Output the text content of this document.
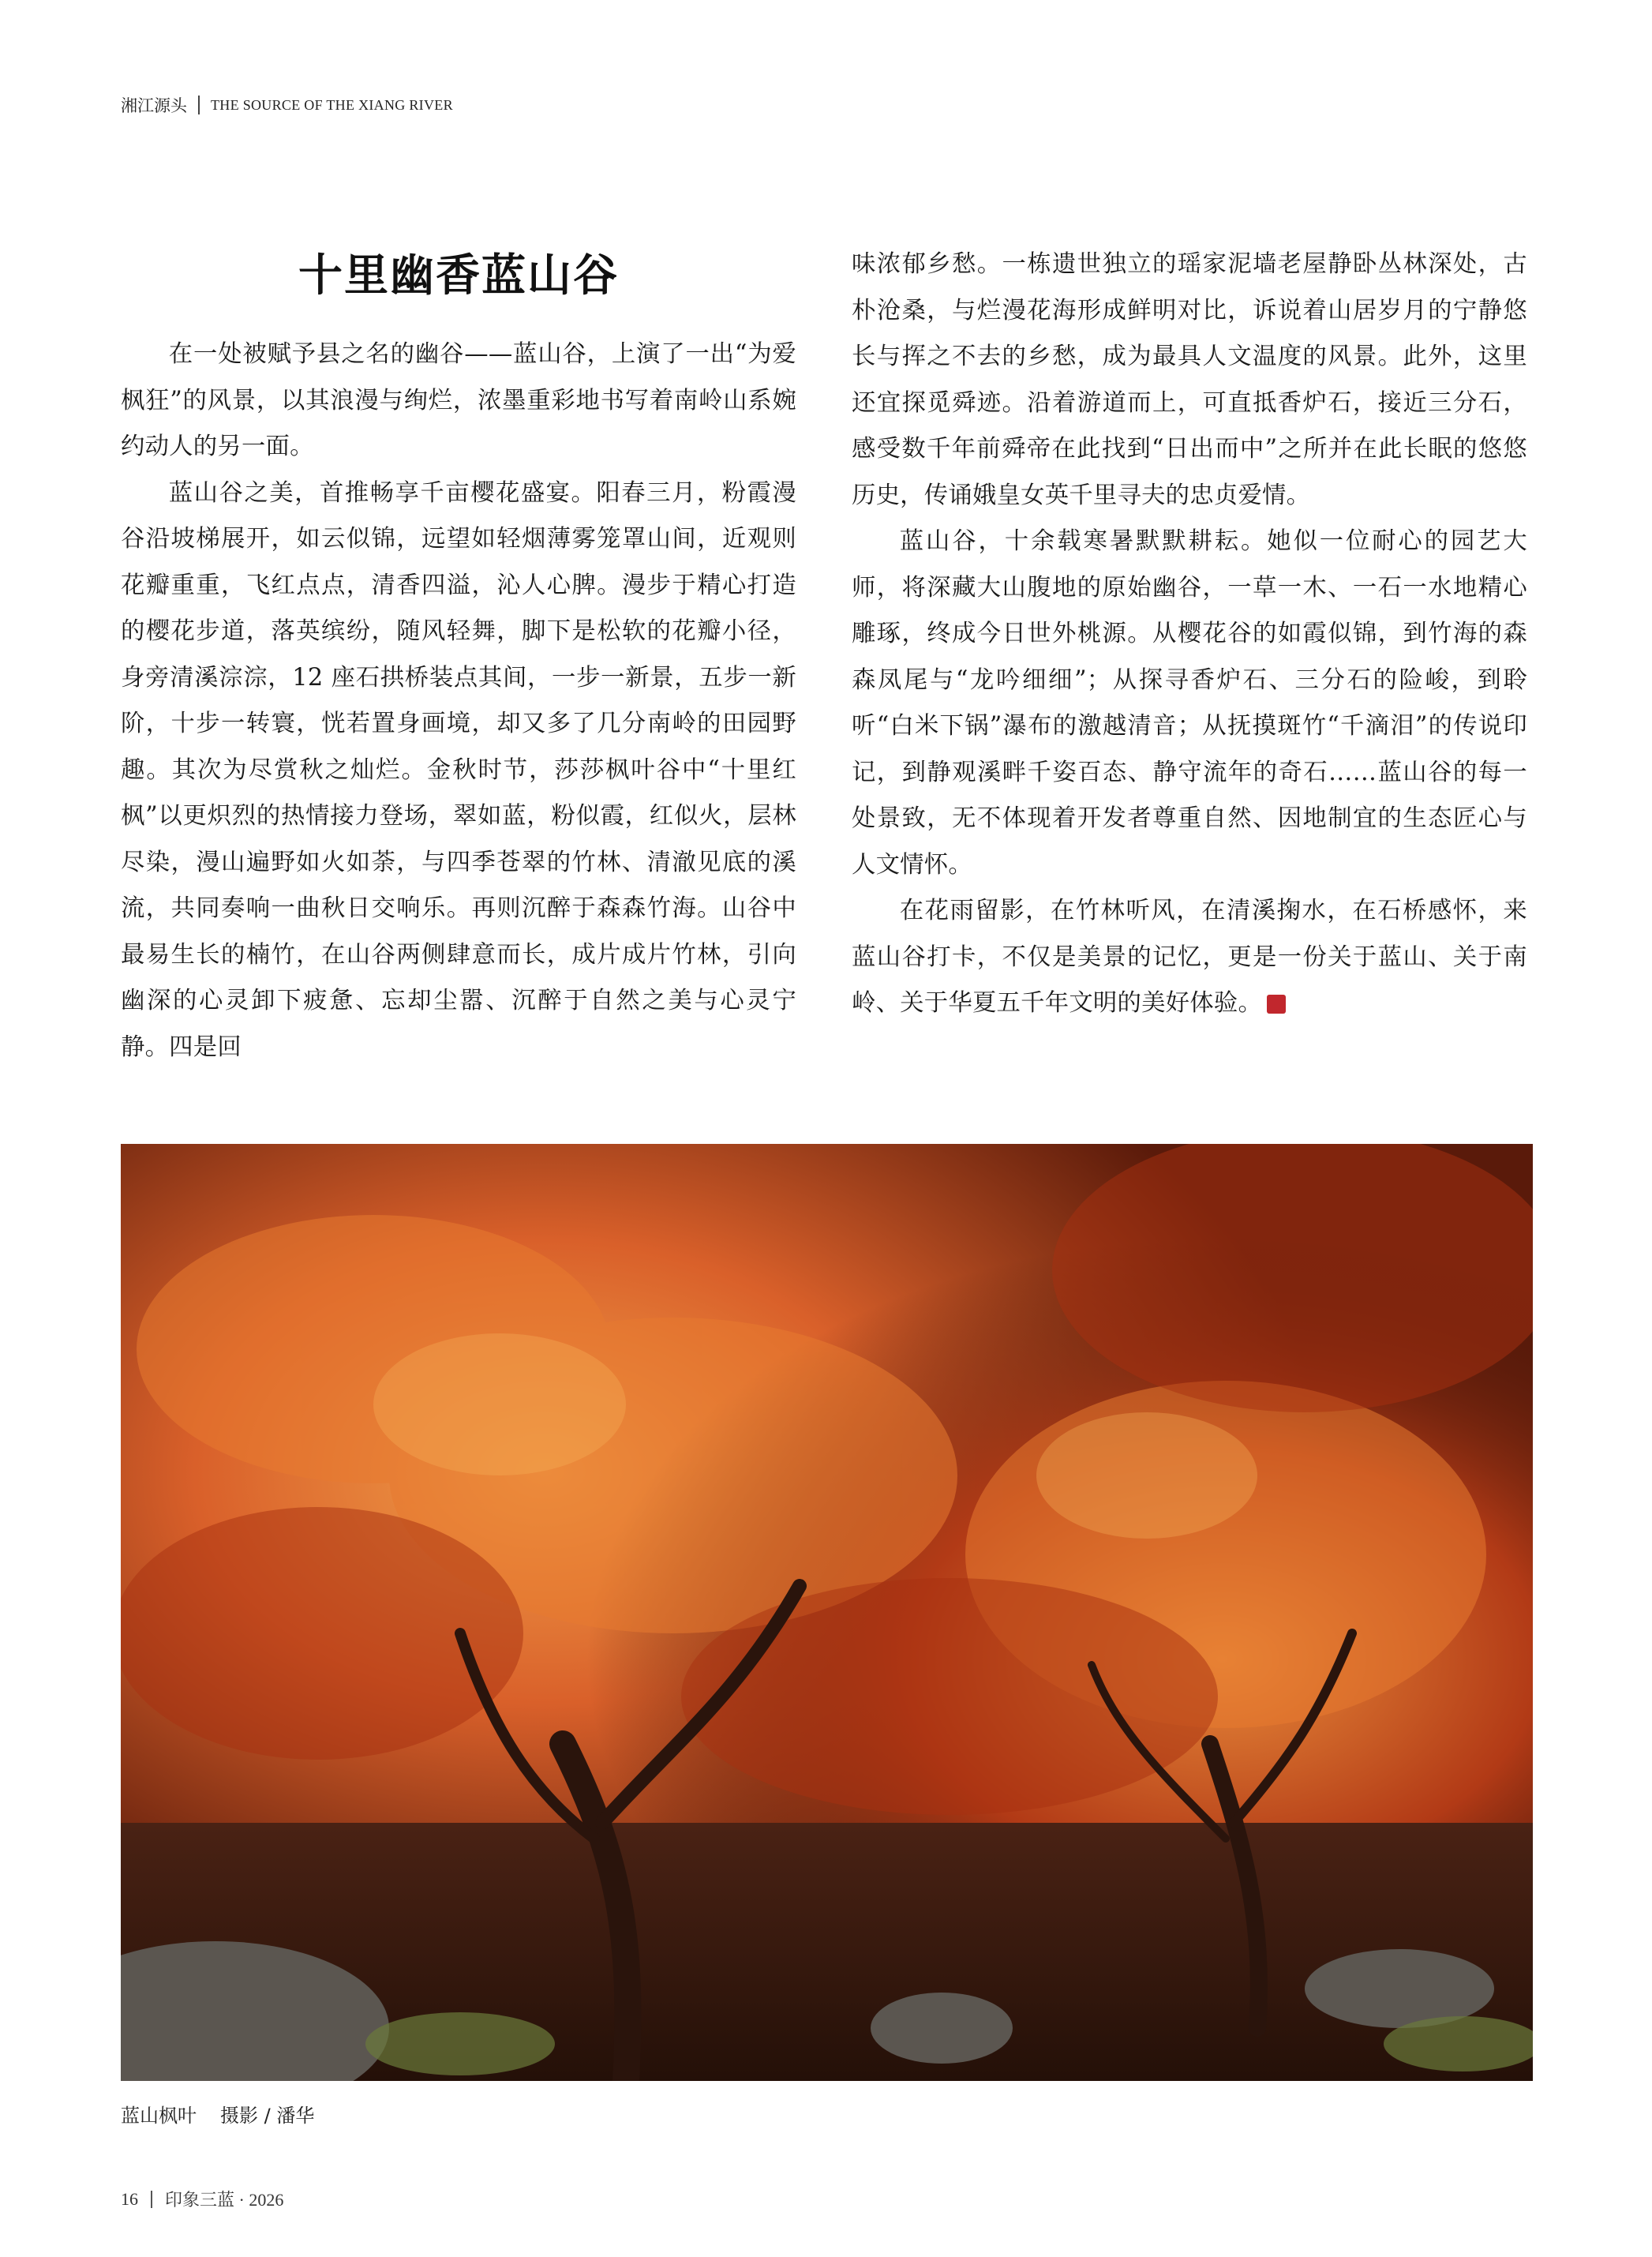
湘江源头 THE SOURCE OF THE XIANG RIVER
十里幽香蓝山谷

在一处被赋予县之名的幽谷——蓝山谷，上演了一出“为爱枫狂”的风景，以其浪漫与绚烂，浓墨重彩地书写着南岭山系婉约动人的另一面。

蓝山谷之美，首推畅享千亩樱花盛宴。阳春三月，粉霞漫谷沿坡梯展开，如云似锦，远望如轻烟薄雾笼罩山间，近观则花瓣重重，飞红点点，清香四溢，沁人心脾。漫步于精心打造的樱花步道，落英缤纷，随风轻舞，脚下是松软的花瓣小径，身旁清溪淙淙，12 座石拱桥装点其间，一步一新景，五步一新阶，十步一转寰，恍若置身画境，却又多了几分南岭的田园野趣。其次为尽赏秋之灿烂。金秋时节，莎莎枫叶谷中“十里红枫”以更炽烈的热情接力登场，翠如蓝，粉似霞，红似火，层林尽染，漫山遍野如火如荼，与四季苍翠的竹林、清澈见底的溪流，共同奏响一曲秋日交响乐。再则沉醉于森森竹海。山谷中最易生长的楠竹，在山谷两侧肆意而长，成片成片竹林，引向幽深的心灵卸下疲惫、忘却尘嚣、沉醉于自然之美与心灵宁静。四是回

味浓郁乡愁。一栋遗世独立的瑶家泥墙老屋静卧丛林深处，古朴沧桑，与烂漫花海形成鲜明对比，诉说着山居岁月的宁静悠长与挥之不去的乡愁，成为最具人文温度的风景。此外，这里还宜探觅舜迹。沿着游道而上，可直抵香炉石，接近三分石，感受数千年前舜帝在此找到“日出而中”之所并在此长眠的悠悠历史，传诵娥皇女英千里寻夫的忠贞爱情。

蓝山谷，十余载寒暑默默耕耘。她似一位耐心的园艺大师，将深藏大山腹地的原始幽谷，一草一木、一石一水地精心雕琢，终成今日世外桃源。从樱花谷的如霞似锦，到竹海的森森凤尾与“龙吟细细”；从探寻香炉石、三分石的险峻，到聆听“白米下锅”瀑布的激越清音；从抚摸斑竹“千滴泪”的传说印记，到静观溪畔千姿百态、静守流年的奇石……蓝山谷的每一处景致，无不体现着开发者尊重自然、因地制宜的生态匠心与人文情怀。

在花雨留影，在竹林听风，在清溪掬水，在石桥感怀，来蓝山谷打卡，不仅是美景的记忆，更是一份关于蓝山、关于南岭、关于华夏五千年文明的美好体验。	印

蓝山枫叶 摄影 / 潘华
16 印象三蓝 · 2026
